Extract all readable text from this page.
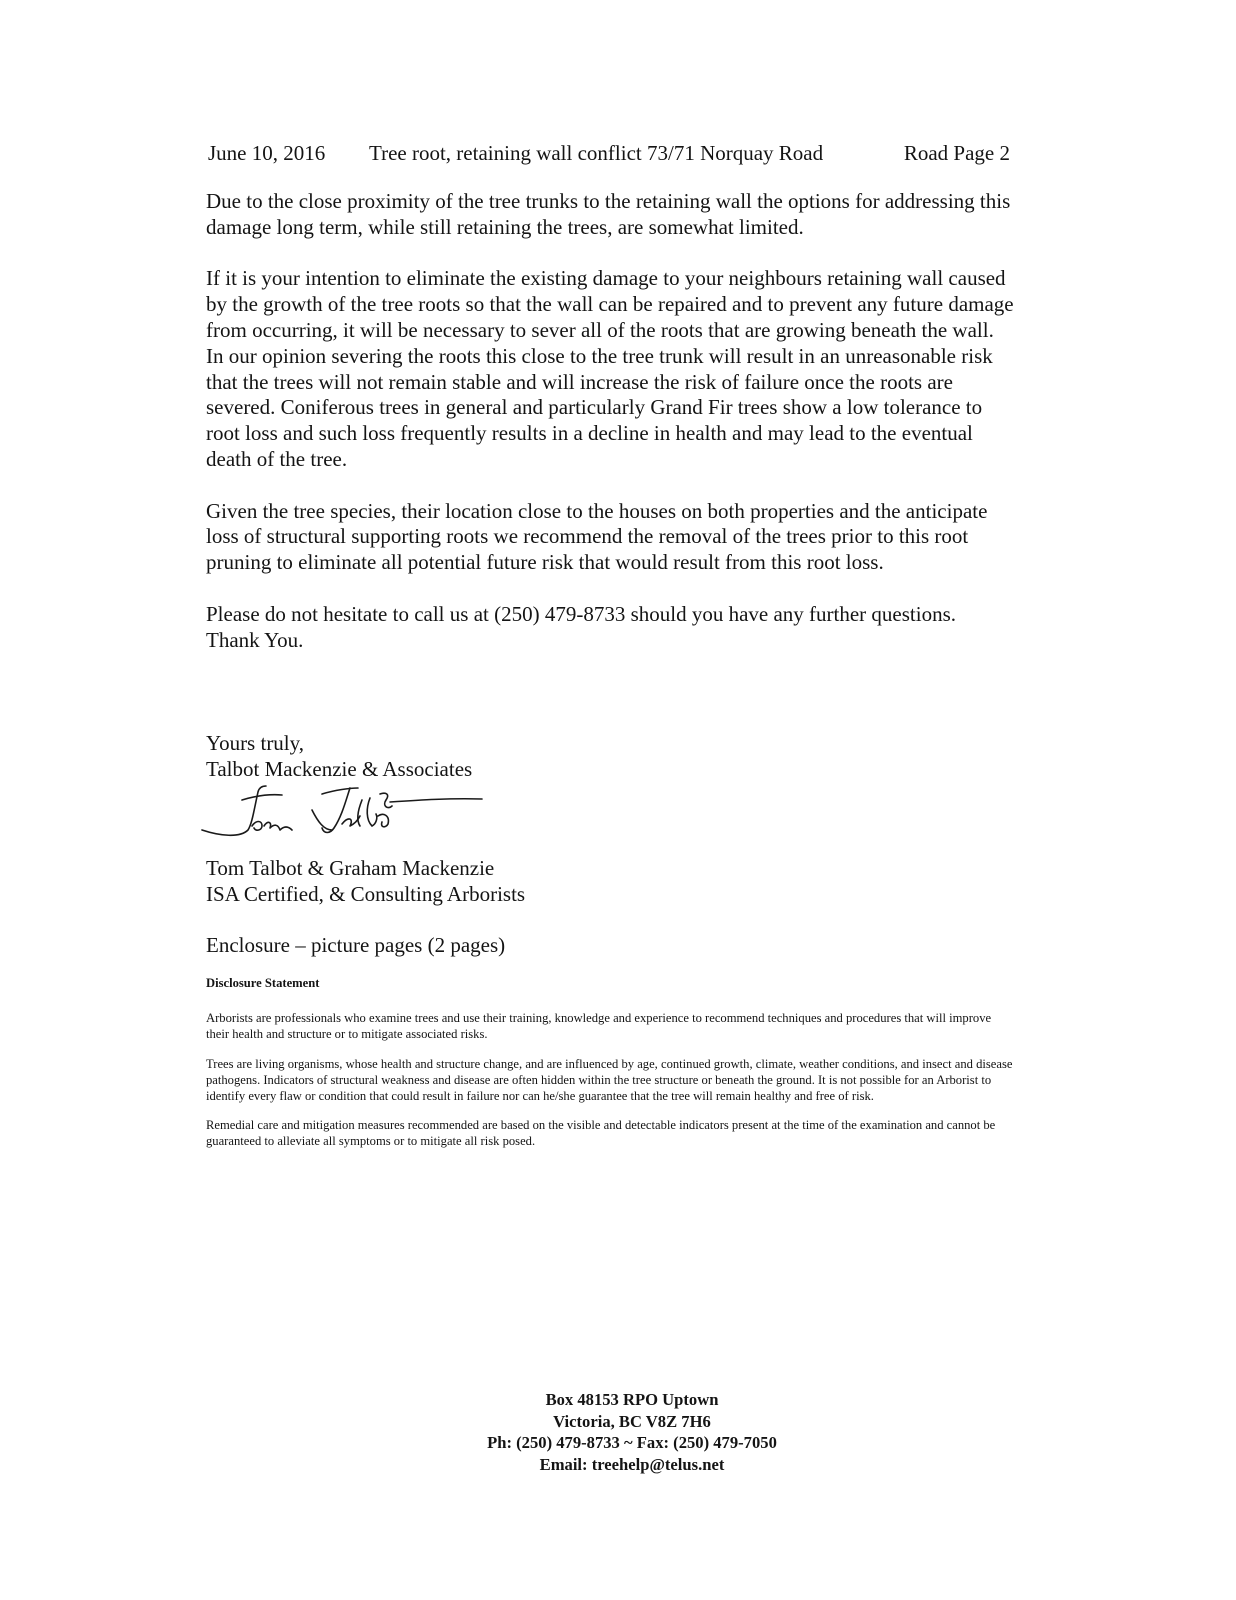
June 10, 2016 Tree root, retaining wall conflict 73/71 Norquay Road	Road Page 2

Due to the close proximity of the tree trunks to the retaining wall the options for addressing this damage long term, while still retaining the trees, are somewhat limited.

If it is your intention to eliminate the existing damage to your neighbours retaining wall caused by the growth of the tree roots so that the wall can be repaired and to prevent any future damage from occurring, it will be necessary to sever all of the roots that are growing beneath the wall.

In our opinion severing the roots this close to the tree trunk will result in an unreasonable risk that the trees will not remain stable and will increase the risk of failure once the roots are severed. Coniferous trees in general and particularly Grand Fir trees show a low tolerance to root loss and such loss frequently results in a decline in health and may lead to the eventual death of the tree.

Given the tree species, their location close to the houses on both properties and the anticipate loss of structural supporting roots we recommend the removal of the trees prior to this root pruning to eliminate all potential future risk that would result from this root loss.

Please do not hesitate to call us at (250) 479-8733 should you have any further questions.

Thank You.

Yours truly,
Talbot Mackenzie & Associates
Tom Talbot & Graham Mackenzie
ISA Certified, & Consulting Arborists
Enclosure – picture pages (2 pages)

Disclosure Statement

Arborists are professionals who examine trees and use their training, knowledge and experience to recommend techniques and procedures that will improve their health and structure or to mitigate associated risks.

Trees are living organisms, whose health and structure change, and are influenced by age, continued growth, climate, weather conditions, and insect and disease pathogens. Indicators of structural weakness and disease are often hidden within the tree structure or beneath the ground. It is not possible for an Arborist to identify every flaw or condition that could result in failure nor can he/she guarantee that the tree will remain healthy and free of risk.

Remedial care and mitigation measures recommended are based on the visible and detectable indicators present at the time of the examination and cannot be guaranteed to alleviate all symptoms or to mitigate all risk posed.

Box 48153 RPO Uptown
Victoria, BC V8Z 7H6
Ph: (250) 479-8733 ~ Fax: (250) 479-7050
Email: treehelp@telus.net
